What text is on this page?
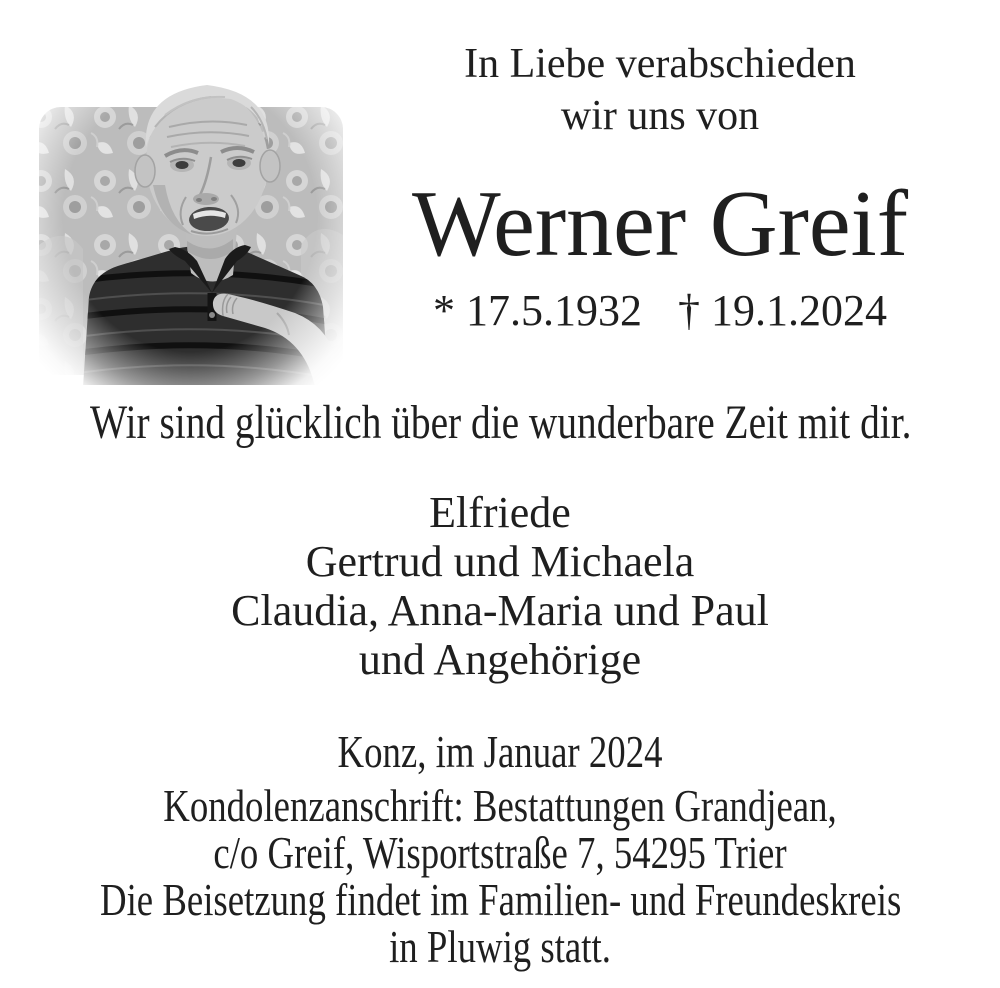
In Liebe verabschieden
wir uns von
Werner Greif
* 17.5.1932 † 19.1.2024
Wir sind glücklich über die wunderbare Zeit mit dir.
Elfriede
Gertrud und Michaela
Claudia, Anna-Maria und Paul
und Angehörige
Konz, im Januar 2024
Kondolenzanschrift: Bestattungen Grandjean,
c/o Greif, Wisportstraße 7, 54295 Trier
Die Beisetzung findet im Familien- und Freundeskreis
in Pluwig statt.
